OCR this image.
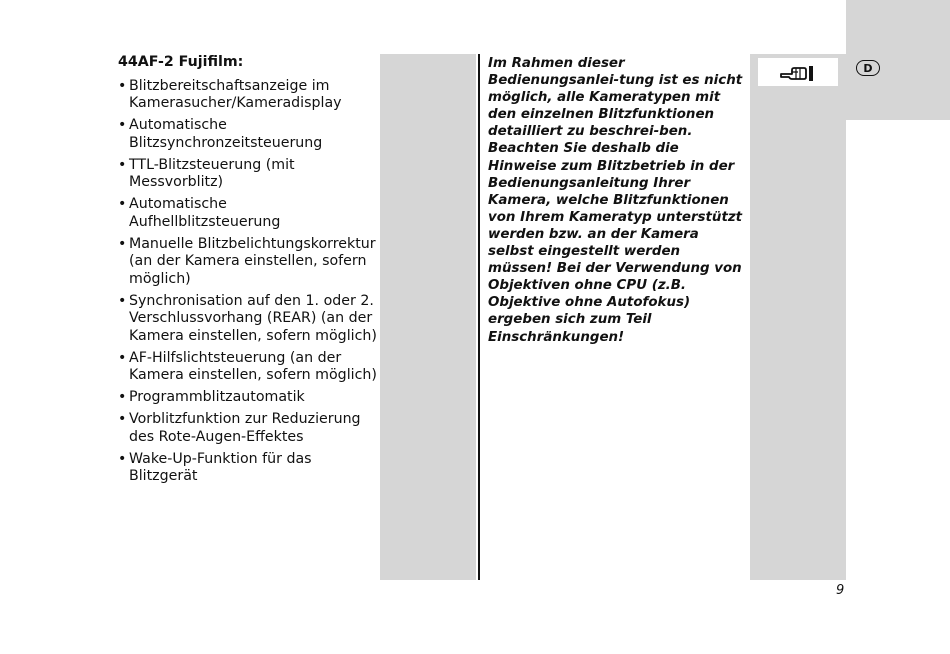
D
44AF-2 Fujifilm:
• Blitzbereitschaftsanzeige im Kamerasucher/Kameradisplay
• Automatische Blitzsynchronzeitsteuerung
• TTL-Blitzsteuerung (mit Messvorblitz)
• Automatische Aufhellblitzsteuerung
• Manuelle Blitzbelichtungskorrektur (an der Kamera einstellen, sofern möglich)
• Synchronisation auf den 1. oder 2. Verschlussvorhang (REAR) (an der Kamera einstellen, sofern möglich)
• AF-Hilfslichtsteuerung (an der Kamera einstellen, sofern möglich)
• Programmblitzautomatik
• Vorblitzfunktion zur Reduzierung des Rote-Augen-Effektes
• Wake-Up-Funktion für das Blitzgerät
Im Rahmen dieser Bedienungsanlei-tung ist es nicht möglich, alle Kameratypen mit den einzelnen Blitzfunktionen detailliert zu beschrei-ben. Beachten Sie deshalb die Hinweise zum Blitzbetrieb in der Bedienungsanleitung Ihrer Kamera, welche Blitzfunktionen von Ihrem Kameratyp unterstützt werden bzw. an der Kamera selbst eingestellt werden müssen! Bei der Verwendung von Objektiven ohne CPU (z.B. Objektive ohne Autofokus) ergeben sich zum Teil Einschränkungen!
9
